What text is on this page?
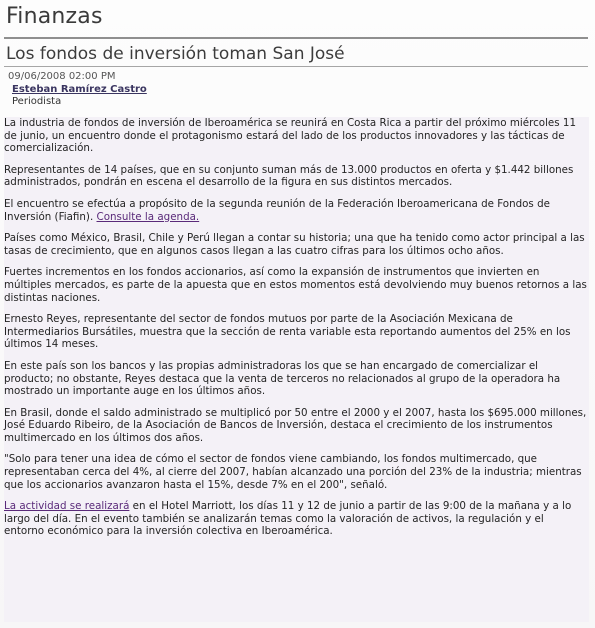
Finanzas
Los fondos de inversión toman San José
09/06/2008 02:00 PM
Esteban Ramírez Castro
Periodista

La industria de fondos de inversión de Iberoamérica se reunirá en Costa Rica a partir del próximo miércoles 11 de junio, un encuentro donde el protagonismo estará del lado de los productos innovadores y las tácticas de comercialización.

Representantes de 14 países, que en su conjunto suman más de 13.000 productos en oferta y $1.442 billones administrados, pondrán en escena el desarrollo de la figura en sus distintos mercados.

El encuentro se efectúa a propósito de la segunda reunión de la Federación Iberoamericana de Fondos de Inversión (Fiafin). Consulte la agenda.

Países como México, Brasil, Chile y Perú llegan a contar su historia; una que ha tenido como actor principal a las tasas de crecimiento, que en algunos casos llegan a las cuatro cifras para los últimos ocho años.

Fuertes incrementos en los fondos accionarios, así como la expansión de instrumentos que invierten en múltiples mercados, es parte de la apuesta que en estos momentos está devolviendo muy buenos retornos a las distintas naciones.

Ernesto Reyes, representante del sector de fondos mutuos por parte de la Asociación Mexicana de Intermediarios Bursátiles, muestra que la sección de renta variable esta reportando aumentos del 25% en los últimos 14 meses.

En este país son los bancos y las propias administradoras los que se han encargado de comercializar el producto; no obstante, Reyes destaca que la venta de terceros no relacionados al grupo de la operadora ha mostrado un importante auge en los últimos años.

En Brasil, donde el saldo administrado se multiplicó por 50 entre el 2000 y el 2007, hasta los $695.000 millones, José Eduardo Ribeiro, de la Asociación de Bancos de Inversión, destaca el crecimiento de los instrumentos multimercado en los últimos dos años.

"Solo para tener una idea de cómo el sector de fondos viene cambiando, los fondos multimercado, que representaban cerca del 4%, al cierre del 2007, habían alcanzado una porción del 23% de la industria; mientras que los accionarios avanzaron hasta el 15%, desde 7% en el 200", señaló.

La actividad se realizará en el Hotel Marriott, los días 11 y 12 de junio a partir de las 9:00 de la mañana y a lo largo del día. En el evento también se analizarán temas como la valoración de activos, la regulación y el entorno económico para la inversión colectiva en Iberoamérica.
